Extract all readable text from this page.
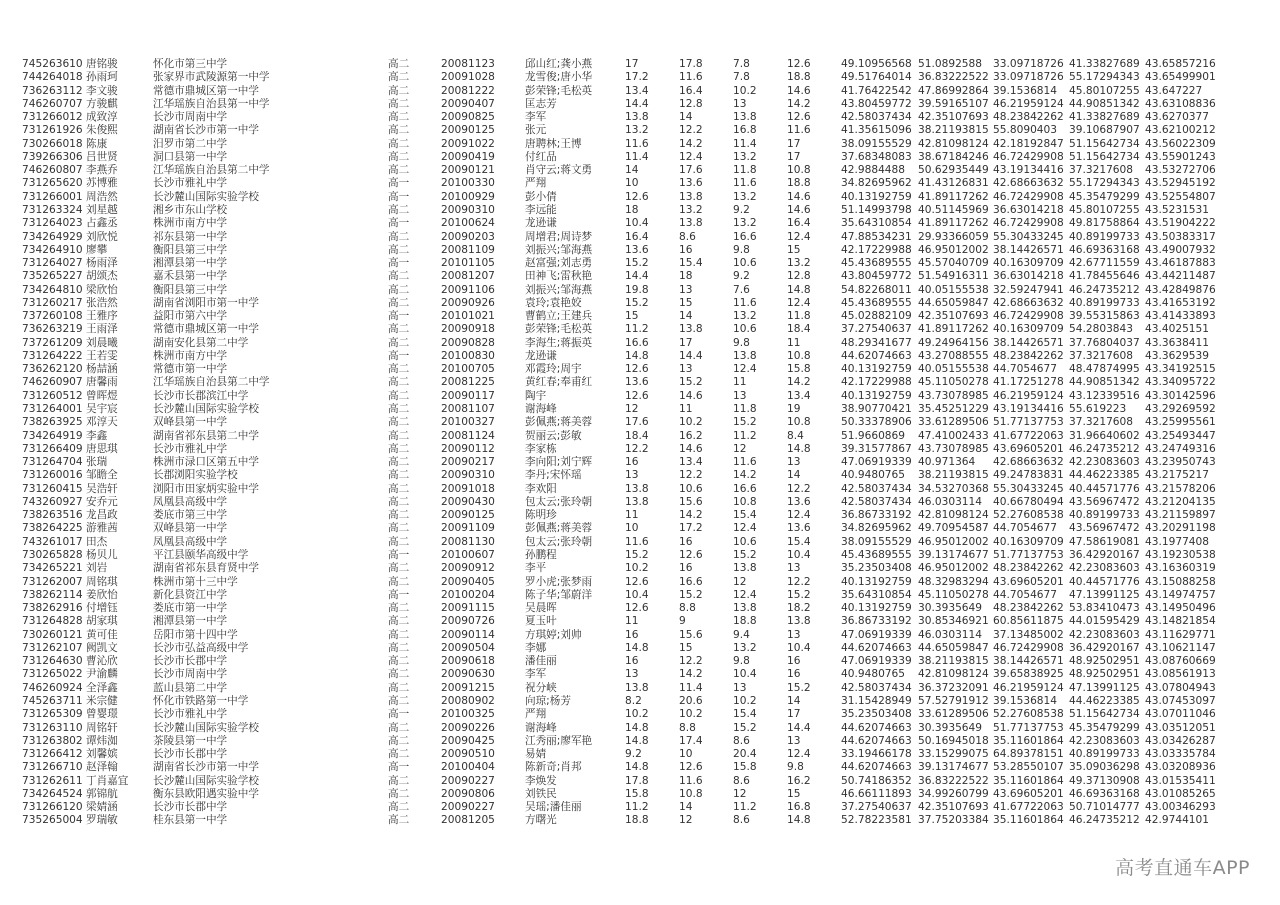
745263610 唐铭骏	怀化市第三中学	高二	20081123	邱山红;龚小燕	17	17.8	7.8	12.6	49.10956568 51.0892588	33.09718726 41.33827689 43.65857216
744264018 孙雨珂	张家界市武陵源第一中学	高二	20091028	龙雪俊;唐小华	17.2	11.6	7.8	18.8	49.51764014 36.83222522 33.09718726 55.17294343 43.65499901
736263112 李文骏	常德市鼎城区第一中学	高二	20081222	彭荣锋;毛松英	13.4	16.4	10.2	14.6	41.76422542 47.86992864 39.1536814	45.80107255 43.647227
746260707 方骏麒	江华瑶族自治县第一中学	高二	20090407	匡志芳	14.4	12.8	13	14.2	43.80459772 39.59165107 46.21959124 44.90851342 43.63108836
731266012 成致淳	长沙市周南中学	高二	20090825	李军	13.8	14	13.8	12.6	42.58037434 42.35107693 48.23842262 41.33827689 43.6270377
731261926 朱俊熙	湖南省长沙市第一中学	高二	20090125	张元	13.2	12.2	16.8	11.6	41.35615096 38.21193815 55.8090403	39.10687907 43.62100212
730266018 陈康	汨罗市第二中学	高二	20091022	唐聘林;王博	11.6	14.2	11.4	17	38.09155529 42.81098124 42.18192847 51.15642734 43.56022309
739266306 吕世贤	洞口县第一中学	高二	20090419	付红品	11.4	12.4	13.2	17	37.68348083 38.67184246 46.72429908 51.15642734 43.55901243
746260807 李燕乔	江华瑶族自治县第二中学	高二	20090121	肖守云;蒋文勇	14	17.6	11.8	10.8	42.9884488	50.62935449 43.19134416 37.3217608	43.53272706
731265620 苏博雅	长沙市雅礼中学	高一	20100330	严翔	10	13.6	11.6	18.8	34.82695962 41.43126831 42.68663632 55.17294343 43.52945192
731266001 周浩然	长沙麓山国际实验学校	高一	20100929	彭小倩	12.6	13.8	13.2	14.6	40.13192759 41.89117262 46.72429908 45.35479299 43.52554807
731263324 刘星越	湘乡市东山学校	高二	20090310	李远能	18	13.2	9.2	14.6	51.14993798 40.51145969 36.63014218 45.80107255 43.5231531
731264023 占鑫丞	株洲市南方中学	高一	20100624	龙逊谦	10.4	13.8	13.2	16.4	35.64310854 41.89117262 46.72429908 49.81758864 43.51904222
734264929 刘欣悦	祁东县第一中学	高二	20090203	周增君;周诗梦	16.4	8.6	16.6	12.4	47.88534231 29.93366059 55.30433245 40.89199733 43.50383317
734264910 廖攀	衡阳县第三中学	高二	20081109	刘振兴;邹海燕	13.6	16	9.8	15	42.17229988 46.95012002 38.14426571 46.69363168 43.49007932
731264027 杨雨泽	湘潭县第一中学	高一	20101105	赵富强;刘志勇	15.2	15.4	10.6	13.2	45.43689555 45.57040709 40.16309709 42.67711559 43.46187883
735265227 胡颂杰	嘉禾县第一中学	高二	20081207	田神飞;雷秋艳	14.4	18	9.2	12.8	43.80459772 51.54916311 36.63014218 41.78455646 43.44211487
734264810 梁欣怡	衡阳县第三中学	高二	20091106	刘振兴;邹海燕	19.8	13	7.6	14.8	54.82268011 40.05155538 32.59247941 46.24735212 43.42849876
731260217 张浩然	湖南省浏阳市第一中学	高二	20090926	袁玲;袁艳姣	15.2	15	11.6	12.4	45.43689555 44.65059847 42.68663632 40.89199733 43.41653192
737260108 王雅序	益阳市第六中学	高一	20101021	曹鹤立;王建兵	15	14	13.2	11.8	45.02882109 42.35107693 46.72429908 39.55315863 43.41433893
736263219 王雨泽	常德市鼎城区第一中学	高二	20090918	彭荣锋;毛松英	11.2	13.8	10.6	18.4	37.27540637 41.89117262 40.16309709 54.2803843	43.4025151
737261209 刘晨曦	湖南安化县第二中学	高二	20090828	李海生;蒋振英	16.6	17	9.8	11	48.29341677 49.24964156 38.14426571 37.76804037 43.3638411
731264222 王若雯	株洲市南方中学	高一	20100830	龙逊谦	14.8	14.4	13.8	10.8	44.62074663 43.27088555 48.23842262 37.3217608	43.3629539
736262120 杨喆涵	常德市第一中学	高二	20100705	邓霞玲;周宇	12.6	13	12.4	15.8	40.13192759 40.05155538 44.7054677	48.47874995 43.34192515
746260907 唐馨雨	江华瑶族自治县第二中学	高二	20081225	黄红春;奉甫红	13.6	15.2	11	14.2	42.17229988 45.11050278 41.17251278 44.90851342 43.34095722
731260512 曾晖煜	长沙市长郡滨江中学	高二	20090117	陶宇	12.6	14.6	13	13.4	40.13192759 43.73078985 46.21959124 43.12339516 43.30142596
731264001 吴宇宸	长沙麓山国际实验学校	高二	20081107	谢海峰	12	11	11.8	19	38.90770421 35.45251229 43.19134416 55.619223	43.29269592
738263925 邓淳天	双峰县第一中学	高二	20100327	彭佩燕;蒋美蓉	17.6	10.2	15.2	10.8	50.33378906 33.61289506 51.77137753 37.3217608	43.25995561
734264919 李鑫	湖南省祁东县第二中学	高二	20081124	贺丽云;彭敏	18.4	16.2	11.2	8.4	51.9660869	47.41002433 41.67722063 31.96640602 43.25493447
731266409 唐思琪	长沙市雅礼中学	高二	20090112	李家栋	12.2	14.6	12	14.8	39.31577867 43.73078985 43.69605201 46.24735212 43.24749316
731264704 张瑞	株洲市渌口区第五中学	高二	20090217	李向阳;刘宁辉	16	13.4	11.6	13	47.06919339 40.971364	42.68663632 42.23083603 43.23950743
731260016 邹瞻全	长郡浏阳实验学校	高二	20090310	李丹;宋怀瑶	13	12.2	14.2	14	40.9480765	38.21193815 49.24783831 44.46223385 43.2175217
731260415 吴浩轩	浏阳市田家炳实验中学	高二	20091018	李欢阳	13.8	10.6	16.6	12.2	42.58037434 34.53270368 55.30433245 40.44571776 43.21578206
743260927 安乔元	凤凰县高级中学	高二	20090430	包太云;张玲朝	13.8	15.6	10.8	13.6	42.58037434 46.0303114	40.66780494 43.56967472 43.21204135
738263516 龙昌政	娄底市第三中学	高二	20090125	陈明珍	11	14.2	15.4	12.4	36.86733192 42.81098124 52.27608538 40.89199733 43.21159897
738264225 游雅茜	双峰县第一中学	高二	20091109	彭佩燕;蒋美蓉	10	17.2	12.4	13.6	34.82695962 49.70954587 44.7054677	43.56967472 43.20291198
743261017 田杰	凤凰县高级中学	高二	20081130	包太云;张玲朝	11.6	16	10.6	15.4	38.09155529 46.95012002 40.16309709 47.58619081 43.1977408
730265828 杨贝儿	平江县颐华高级中学	高一	20100607	孙鹏程	15.2	12.6	15.2	10.4	45.43689555 39.13174677 51.77137753 36.42920167 43.19230538
734265221 刘岩	湖南省祁东县育贤中学	高二	20090912	李平	10.2	16	13.8	13	35.23503408 46.95012002 48.23842262 42.23083603 43.16360319
731262007 周铭琪	株洲市第十三中学	高二	20090405	罗小虎;张梦雨	12.6	16.6	12	12.2	40.13192759 48.32983294 43.69605201 40.44571776 43.15088258
738262114 姜欣怡	新化县资江中学	高一	20100204	陈子华;邹蔚洋	10.4	15.2	12.4	15.2	35.64310854 45.11050278 44.7054677	47.13991125 43.14974757
738262916 付增钰	娄底市第一中学	高二	20091115	吴晨晖	12.6	8.8	13.8	18.2	40.13192759 30.3935649	48.23842262 53.83410473 43.14950496
731264828 胡家琪	湘潭县第一中学	高二	20090726	夏玉叶	11	9	18.8	13.8	36.86733192 30.85346921 60.85611875 44.01595429 43.14821854
730260121 黄可佳	岳阳市第十四中学	高二	20090114	方琪婷;刘帅	16	15.6	9.4	13	47.06919339 46.0303114	37.13485002 42.23083603 43.11629771
731262107 阙凯文	长沙市弘益高级中学	高二	20090504	李娜	14.8	15	13.2	10.4	44.62074663 44.65059847 46.72429908 36.42920167 43.10621147
731264630 曹沁欣	长沙市长郡中学	高二	20090618	潘佳丽	16	12.2	9.8	16	47.06919339 38.21193815 38.14426571 48.92502951 43.08760669
731265022 尹渝麟	长沙市周南中学	高二	20090630	李军	13	14.2	10.4	16	40.9480765	42.81098124 39.65838925 48.92502951 43.08561913
746260924 全泽鑫	蓝山县第二中学	高二	20091215	祝分峡	13.8	11.4	13	15.2	42.58037434 36.37232091 46.21959124 47.13991125 43.07804943
745263711 米宗健	怀化市铁路第一中学	高二	20080902	向琼;杨芳	8.2	20.6	10.2	14	31.15428949 57.52791912 39.1536814	44.46223385 43.07453097
731265309 曾婴璟	长沙市雅礼中学	高一	20100325	严翔	10.2	10.2	15.4	17	35.23503408 33.61289506 52.27608538 51.15642734 43.07011046
731263110 周铭轩	长沙麓山国际实验学校	高二	20090226	谢海峰	14.8	8.8	15.2	14.4	44.62074663 30.3935649	51.77137753 45.35479299 43.03512051
731263802 谭炜洳	茶陵县第一中学	高二	20090425	江秀丽;廖军艳	14.8	17.4	8.6	13	44.62074663 50.16945018 35.11601864 42.23083603 43.03426287
731266412 刘馨嫔	长沙市长郡中学	高二	20090510	易婧	9.2	10	20.4	12.4	33.19466178 33.15299075 64.89378151 40.89199733 43.03335784
731266710 赵泽翰	湖南省长沙市第一中学	高一	20100404	陈新奇;肖邦	14.8	12.6	15.8	9.8	44.62074663 39.13174677 53.28550107 35.09036298 43.03208936
731262611 丁肖嘉宜	长沙麓山国际实验学校	高二	20090227	李焕发	17.8	11.6	8.6	16.2	50.74186352 36.83222522 35.11601864 49.37130908 43.01535411
734264524 郭锦航	衡东县欧阳遇实验中学	高二	20090806	刘铁民	15.8	10.8	12	15	46.66111893 34.99260799 43.69605201 46.69363168 43.01085265
731266120 梁婧涵	长沙市长郡中学	高二	20090227	吴瑶;潘佳丽	11.2	14	11.2	16.8	37.27540637 42.35107693 41.67722063 50.71014777 43.00346293
735265004 罗瑞敏	桂东县第一中学	高二	20081205	方曙光	18.8	12	8.6	14.8	52.78223581 37.75203384 35.11601864 46.24735212 42.9744101
高考直通车APP
